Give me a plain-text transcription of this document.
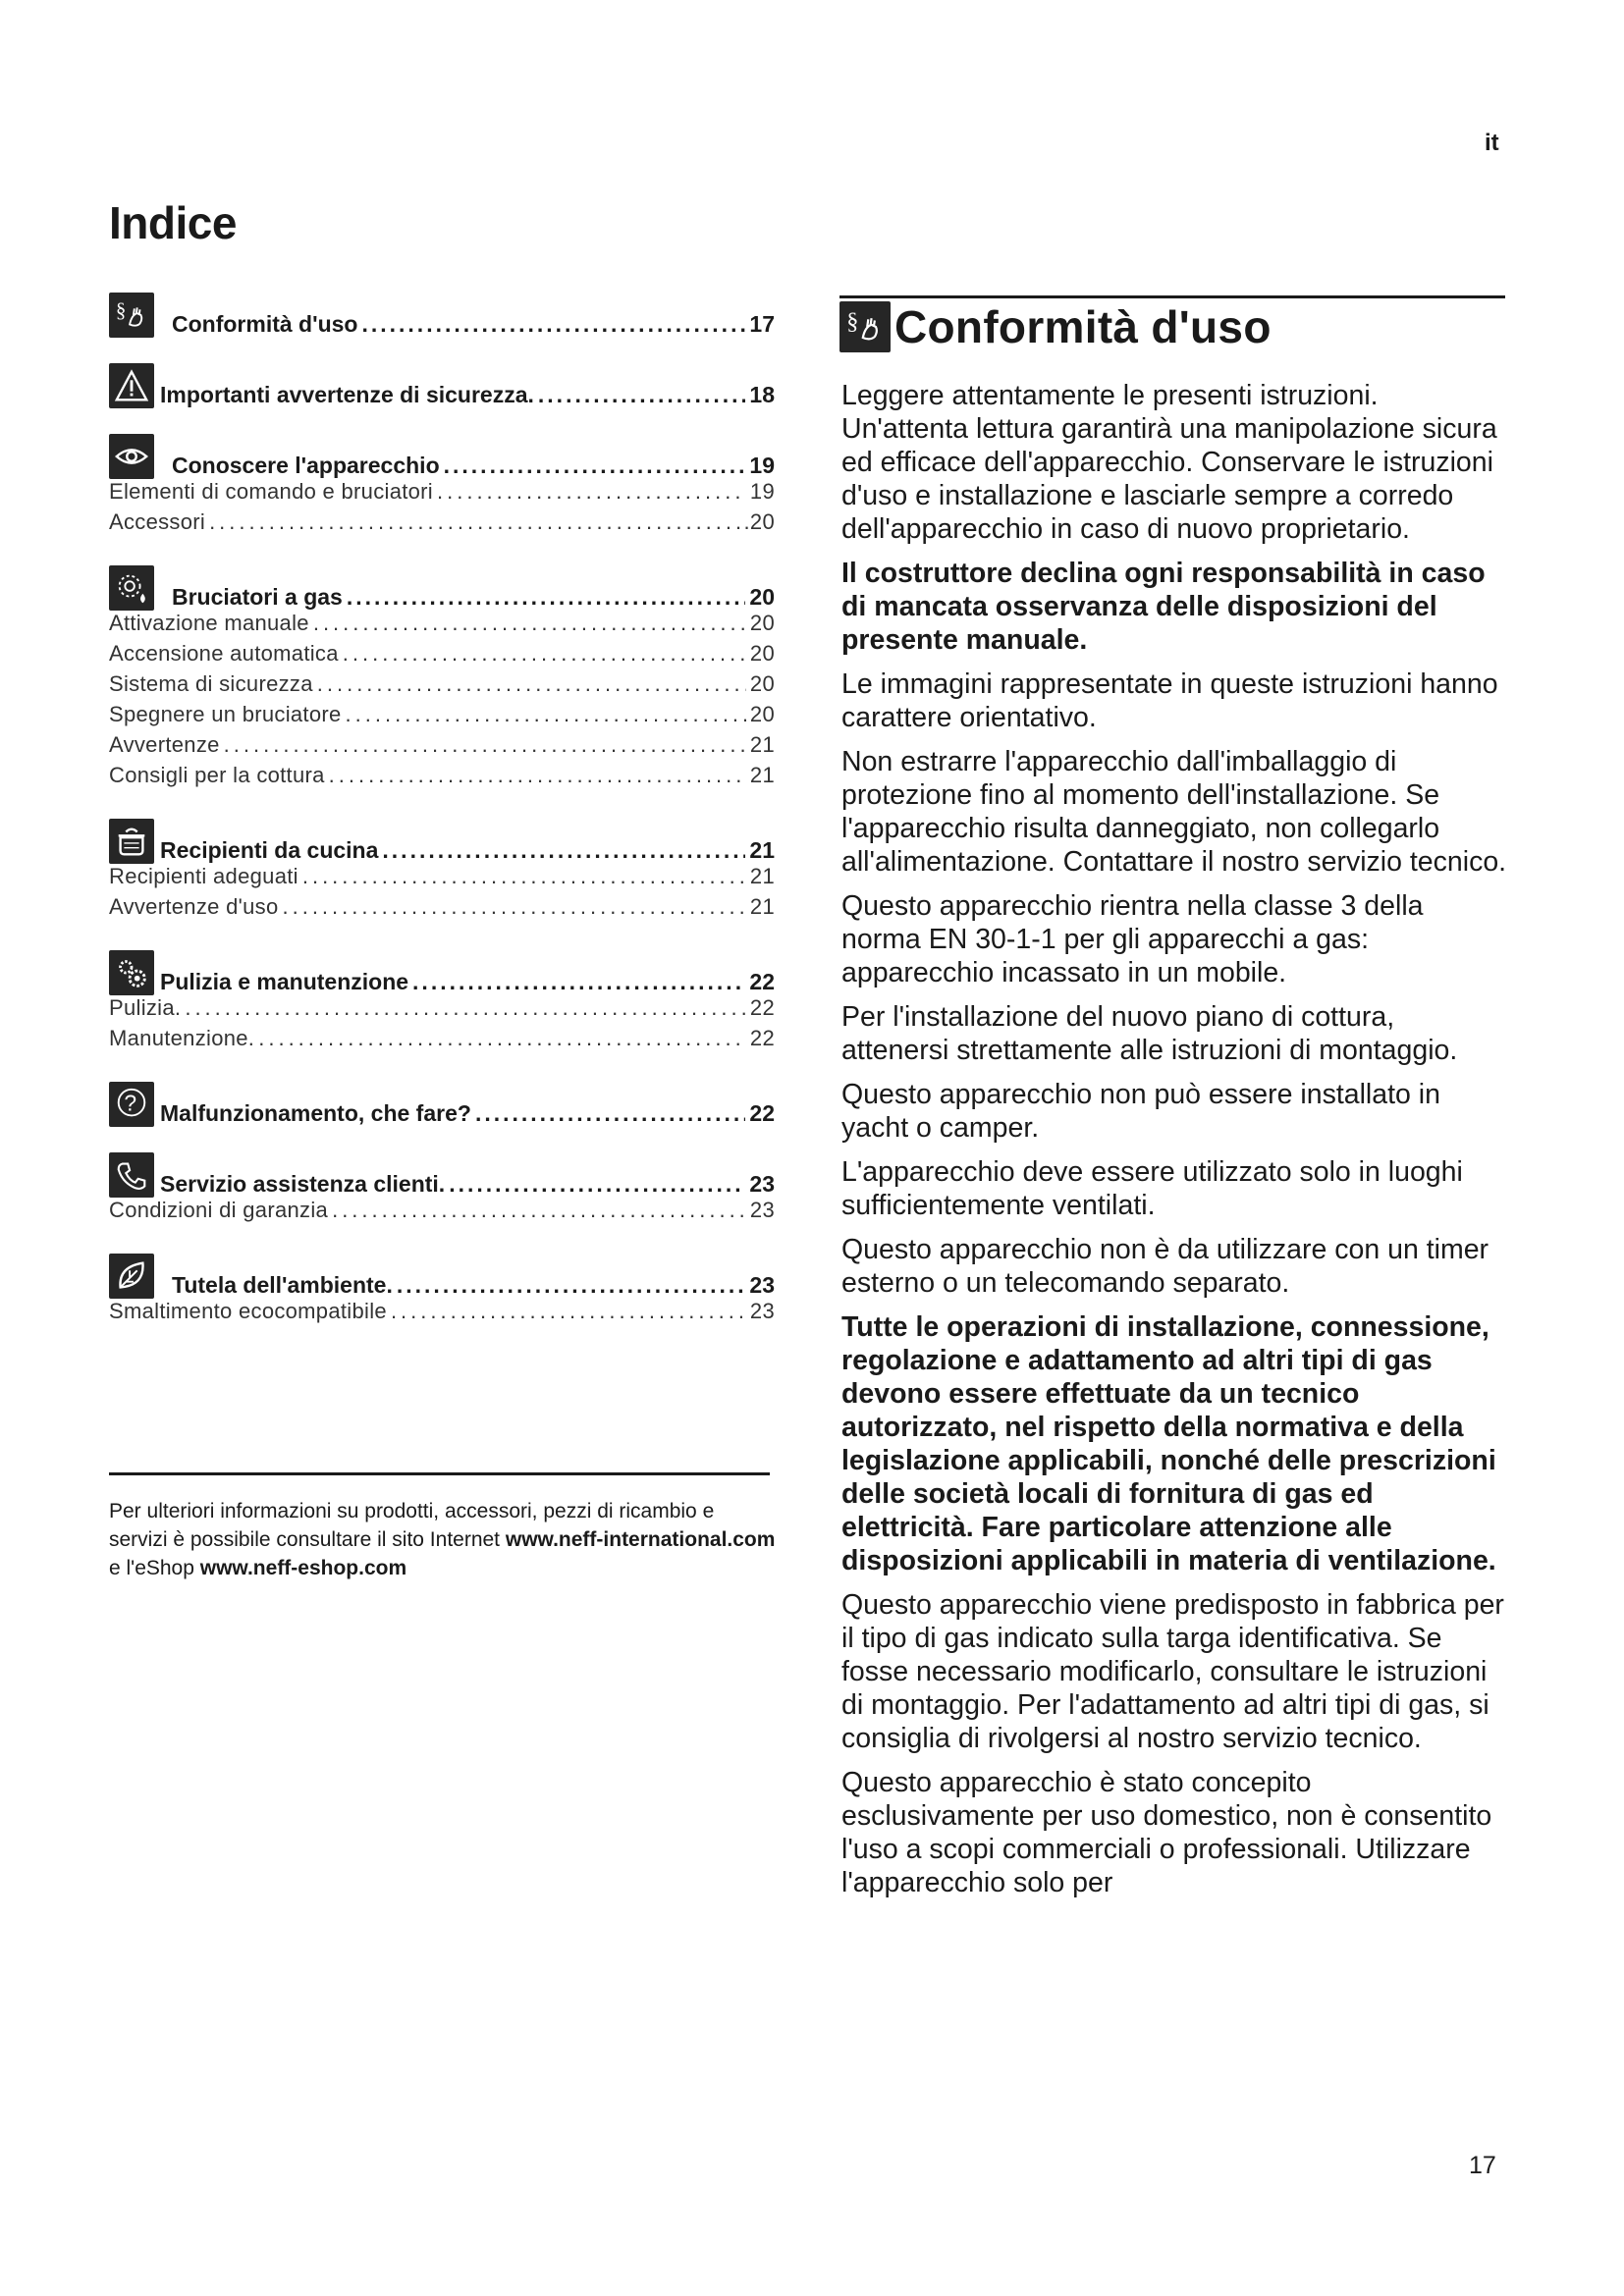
it
Indice
§
Conformità d'uso .....	17
Importanti avvertenze di sicurezza. .....	18
Conoscere l'apparecchio .....	19
Elementi di comando e bruciatori .....	19
Accessori .....	.20
Bruciatori a gas .....	20
Attivazione manuale .....	20
Accensione automatica .....	20
Sistema di sicurezza .....	20
Spegnere un bruciatore .....	20
Avvertenze .....	21
Consigli per la cottura .....	21
Recipienti da cucina .....	21
Recipienti adeguati .....	21
Avvertenze d'uso .....	21
Pulizia e manutenzione .....	22
Pulizia. .....	22
Manutenzione. .....	22
? Malfunzionamento, che fare? .....	22
Servizio assistenza clienti. .....	23
Condizioni di garanzia .....	23
Tutela dell'ambiente. .....	23
Smaltimento ecocompatibile .....	23
Per ulteriori informazioni su prodotti, accessori, pezzi di ricambio e servizi è possibile consultare il sito Internet www.neff-international.com e l'eShop www.neff-eshop.com
§ Conformità d'uso

Leggere attentamente le presenti istruzioni. Un'attenta lettura garantirà una manipolazione sicura ed efficace dell'apparecchio. Conservare le istruzioni d'uso e installazione e lasciarle sempre a corredo dell'apparecchio in caso di nuovo proprietario.

Il costruttore declina ogni responsabilità in caso di mancata osservanza delle disposizioni del presente manuale.

Le immagini rappresentate in queste istruzioni hanno carattere orientativo.

Non estrarre l'apparecchio dall'imballaggio di protezione fino al momento dell'installazione. Se l'apparecchio risulta danneggiato, non collegarlo all'alimentazione. Contattare il nostro servizio tecnico.

Questo apparecchio rientra nella classe 3 della norma EN 30-1-1 per gli apparecchi a gas: apparecchio incassato in un mobile.

Per l'installazione del nuovo piano di cottura, attenersi strettamente alle istruzioni di montaggio.

Questo apparecchio non può essere installato in yacht o camper.

L'apparecchio deve essere utilizzato solo in luoghi sufficientemente ventilati.

Questo apparecchio non è da utilizzare con un timer esterno o un telecomando separato.

Tutte le operazioni di installazione, connessione, regolazione e adattamento ad altri tipi di gas devono essere effettuate da un tecnico autorizzato, nel rispetto della normativa e della legislazione applicabili, nonché delle prescrizioni delle società locali di fornitura di gas ed elettricità. Fare particolare attenzione alle disposizioni applicabili in materia di ventilazione.

Questo apparecchio viene predisposto in fabbrica per il tipo di gas indicato sulla targa identificativa. Se fosse necessario modificarlo, consultare le istruzioni di montaggio. Per l'adattamento ad altri tipi di gas, si consiglia di rivolgersi al nostro servizio tecnico.

Questo apparecchio è stato concepito esclusivamente per uso domestico, non è consentito l'uso a scopi commerciali o professionali. Utilizzare l'apparecchio solo per

17
